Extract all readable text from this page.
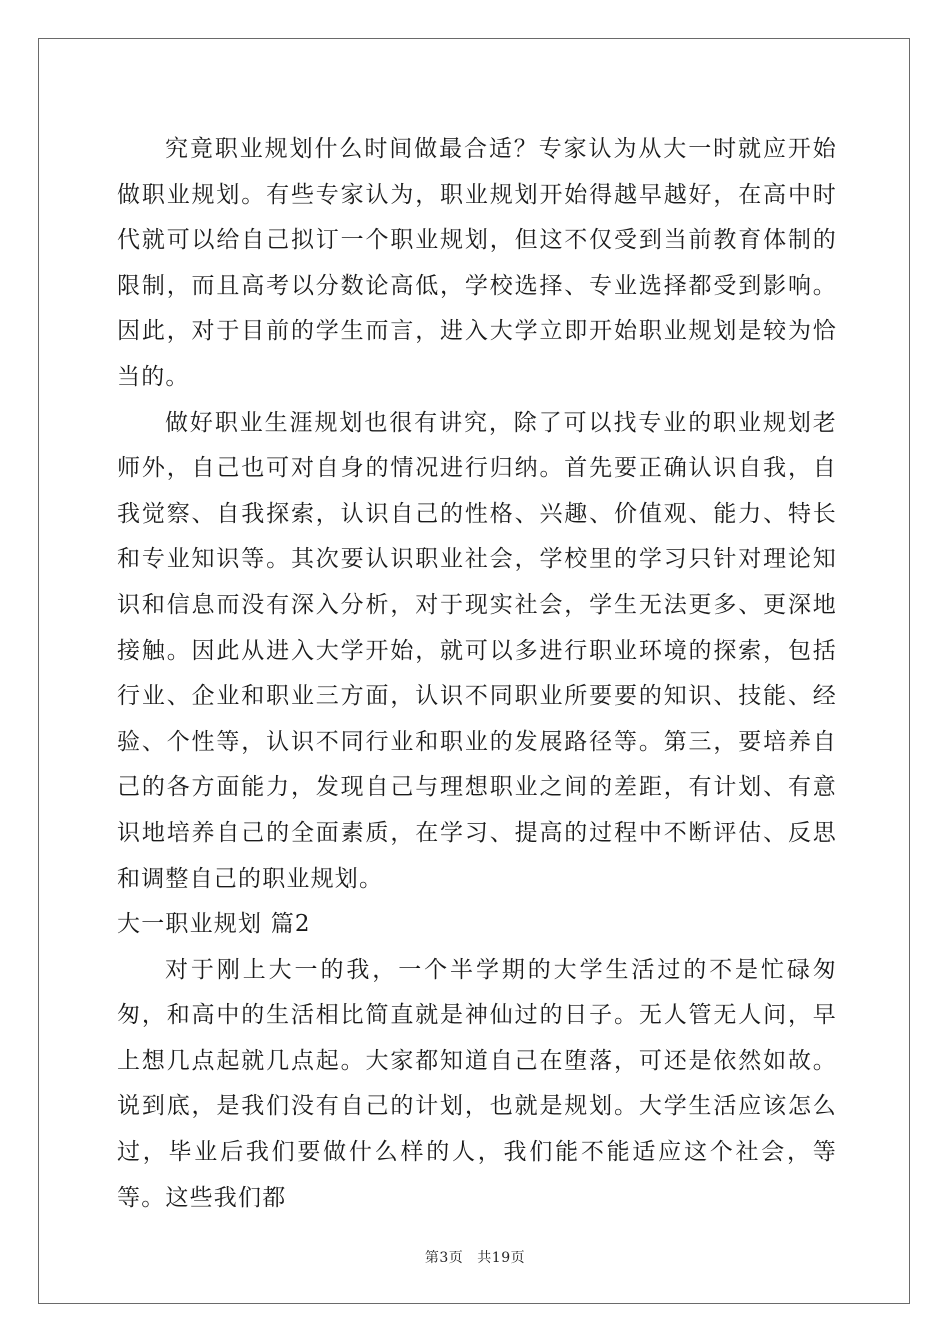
究竟职业规划什么时间做最合适？专家认为从大一时就应开始做职业规划。有些专家认为，职业规划开始得越早越好，在高中时代就可以给自己拟订一个职业规划，但这不仅受到当前教育体制的限制，而且高考以分数论高低，学校选择、专业选择都受到影响。因此，对于目前的学生而言，进入大学立即开始职业规划是较为恰当的。

做好职业生涯规划也很有讲究，除了可以找专业的职业规划老师外，自己也可对自身的情况进行归纳。首先要正确认识自我，自我觉察、自我探索，认识自己的性格、兴趣、价值观、能力、特长和专业知识等。其次要认识职业社会，学校里的学习只针对理论知识和信息而没有深入分析，对于现实社会，学生无法更多、更深地接触。因此从进入大学开始，就可以多进行职业环境的探索，包括行业、企业和职业三方面，认识不同职业所要要的知识、技能、经验、个性等，认识不同行业和职业的发展路径等。第三，要培养自己的各方面能力，发现自己与理想职业之间的差距，有计划、有意识地培养自己的全面素质，在学习、提高的过程中不断评估、反思和调整自己的职业规划。

大一职业规划 篇2

对于刚上大一的我，一个半学期的大学生活过的不是忙碌匆匆，和高中的生活相比简直就是神仙过的日子。无人管无人问，早上想几点起就几点起。大家都知道自己在堕落，可还是依然如故。说到底，是我们没有自己的计划，也就是规划。大学生活应该怎么过，毕业后我们要做什么样的人，我们能不能适应这个社会，等等。这些我们都

第3页 共19页
